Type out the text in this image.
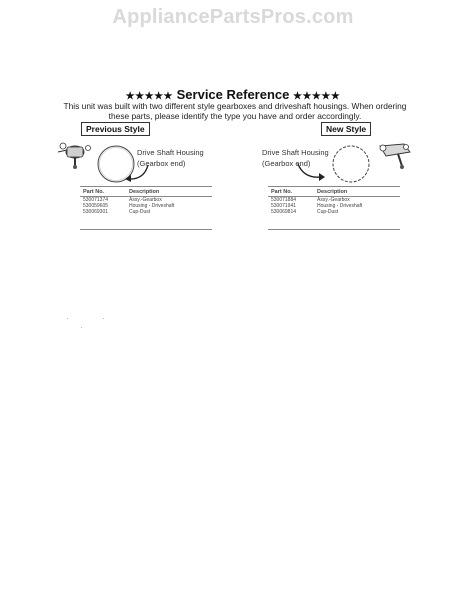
AppliancePartsPros.com
★★★★★ Service Reference ★★★★★
This unit was built with two different style gearboxes and driveshaft housings. When ordering these parts, please identify the type you have and order accordingly.
Previous Style
Drive Shaft Housing
(Gearbox end)
Part No.	Description
530071374	Assy.-Gearbox
530059605	Housing - Driveshaft
530069301	Cup-Dust
New Style
Drive Shaft Housing
(Gearbox end)
Part No.	Description
530071884	Assy.-Gearbox
530071941	Housing - Driveshaft
530069814	Cup-Dust
